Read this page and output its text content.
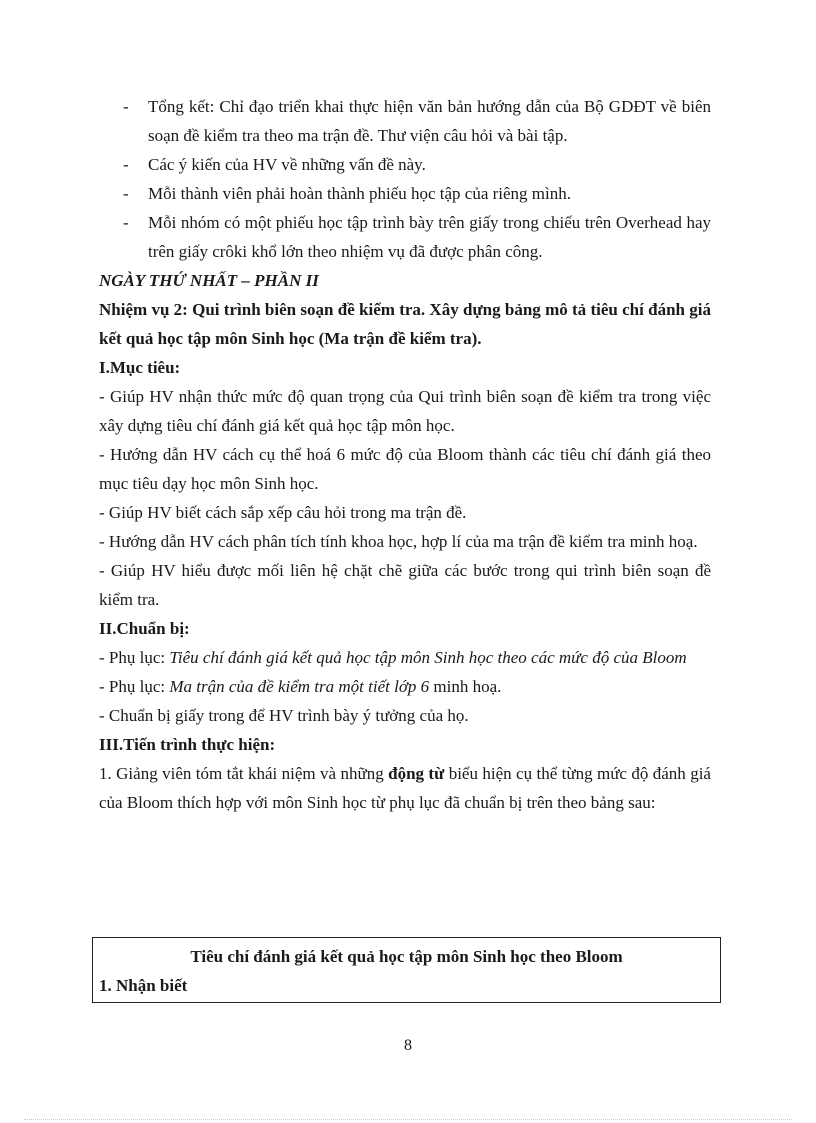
-	Tổng kết: Chỉ đạo triển khai thực hiện văn bản hướng dẫn của Bộ GDĐT về biên soạn đề kiểm tra theo ma trận đề. Thư viện câu hỏi và bài tập.
-	Các ý kiến của HV về những vấn đề này.
-	Mỗi thành viên phải hoàn thành phiếu học tập của riêng mình.
-	Mỗi nhóm có một phiếu học tập trình bày trên giấy trong chiếu trên Overhead hay trên giấy crôki khổ lớn theo nhiệm vụ đã được phân công.
NGÀY THỨ NHẤT – PHẦN II
Nhiệm vụ 2: Qui trình biên soạn đề kiểm tra. Xây dựng bảng mô tả tiêu chí đánh giá kết quả học tập môn Sinh học (Ma trận đề kiểm tra).
I.Mục tiêu:
- Giúp HV nhận thức mức độ quan trọng của Qui trình biên soạn đề kiểm tra trong việc xây dựng tiêu chí đánh giá kết quả học tập môn học.
- Hướng dẫn HV cách cụ thể hoá 6 mức độ của Bloom thành các tiêu chí đánh giá theo mục tiêu dạy học môn Sinh học.
- Giúp HV biết cách sắp xếp câu hỏi trong ma trận đề.
- Hướng dẫn HV cách phân tích tính khoa học, hợp lí của ma trận đề kiểm tra minh hoạ.
- Giúp HV hiểu được mối liên hệ chặt chẽ giữa các bước trong qui trình biên soạn đề kiểm tra.
II.Chuẩn bị:
- Phụ lục: Tiêu chí đánh giá kết quả học tập môn Sinh học theo các mức độ của Bloom
- Phụ lục: Ma trận của đề kiểm tra một tiết lớp 6 minh hoạ.
- Chuẩn bị giấy trong để HV trình bày ý tưởng của họ.
III.Tiến trình thực hiện:
1. Giảng viên tóm tắt khái niệm và những động từ biểu hiện cụ thể từng mức độ đánh giá của Bloom thích hợp với môn Sinh học từ phụ lục đã chuẩn bị trên theo bảng sau:
Tiêu chí đánh giá kết quả học tập môn Sinh học theo Bloom
1. Nhận biết
8
